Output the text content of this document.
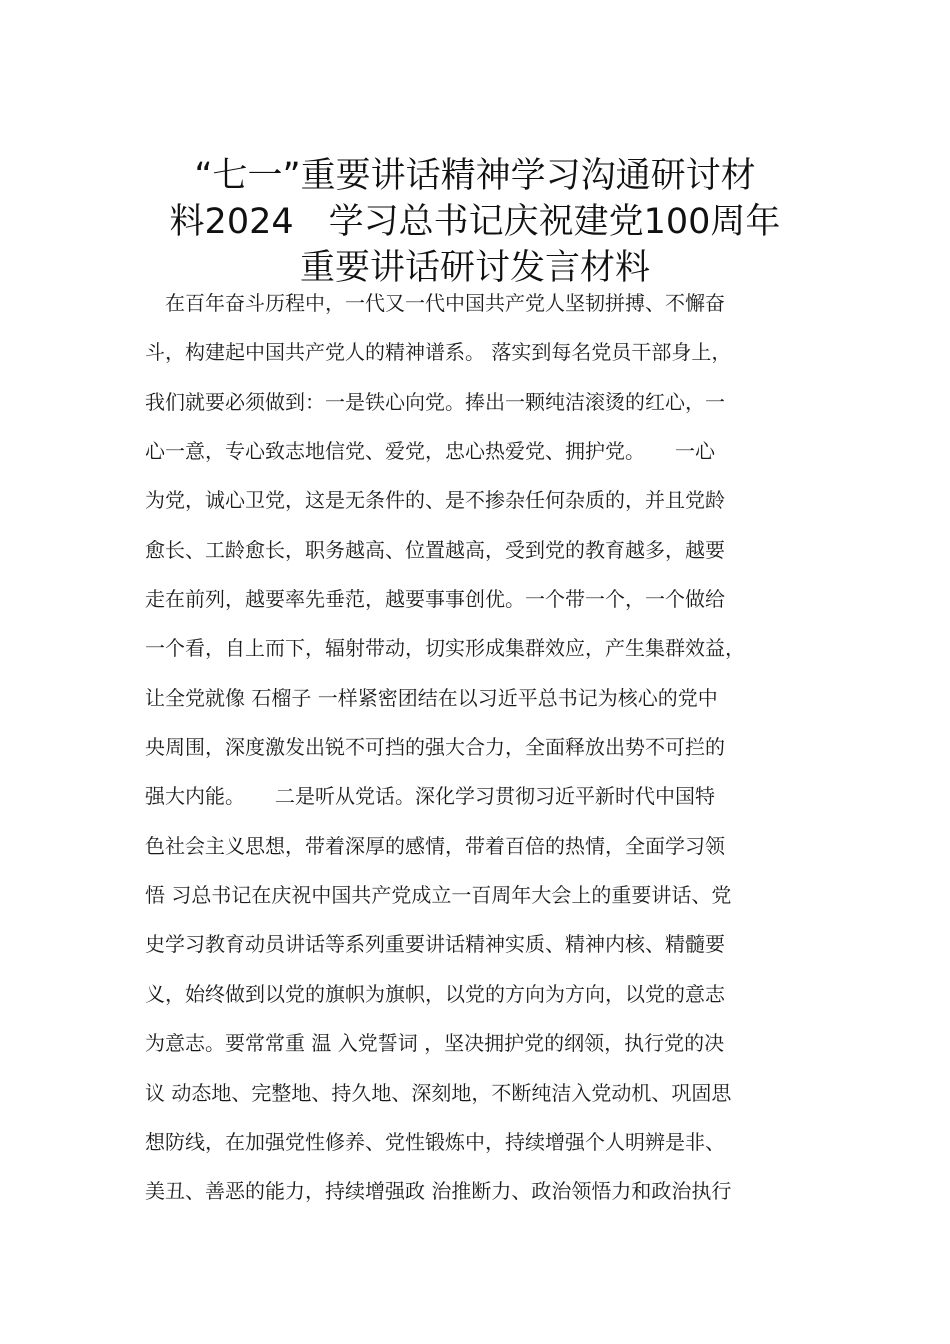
“七一”重要讲话精神学习沟通研讨材
料2024　学习总书记庆祝建党100周年
重要讲话研讨发言材料
　在百年奋斗历程中，一代又一代中国共产党人坚韧拼搏、不懈奋
斗，构建起中国共产党人的精神谱系。 落实到每名党员干部身上，
我们就要必须做到：一是铁心向党。捧出一颗纯洁滚烫的红心，一
心一意，专心致志地信党、爱党，忠心热爱党、拥护党。　　一心
为党，诚心卫党，这是无条件的、是不掺杂任何杂质的，并且党龄
愈长、工龄愈长，职务越高、位置越高，受到党的教育越多，越要
走在前列，越要率先垂范，越要事事创优。一个带一个，一个做给
一个看，自上而下，辐射带动，切实形成集群效应，产生集群效益，
让全党就像 石榴子 一样紧密团结在以习近平总书记为核心的党中
央周围，深度激发出锐不可挡的强大合力，全面释放出势不可拦的
强大内能。　　二是听从党话。深化学习贯彻习近平新时代中国特
色社会主义思想，带着深厚的感情，带着百倍的热情，全面学习领
悟 习总书记在庆祝中国共产党成立一百周年大会上的重要讲话、党
史学习教育动员讲话等系列重要讲话精神实质、精神内核、精髓要
义，始终做到以党的旗帜为旗帜，以党的方向为方向，以党的意志
为意志。要常常重 温 入党誓词 ，坚决拥护党的纲领，执行党的决
议 动态地、完整地、持久地、深刻地，不断纯洁入党动机、巩固思
想防线，在加强党性修养、党性锻炼中，持续增强个人明辨是非、
美丑、善恶的能力，持续增强政 治推断力、政治领悟力和政治执行
